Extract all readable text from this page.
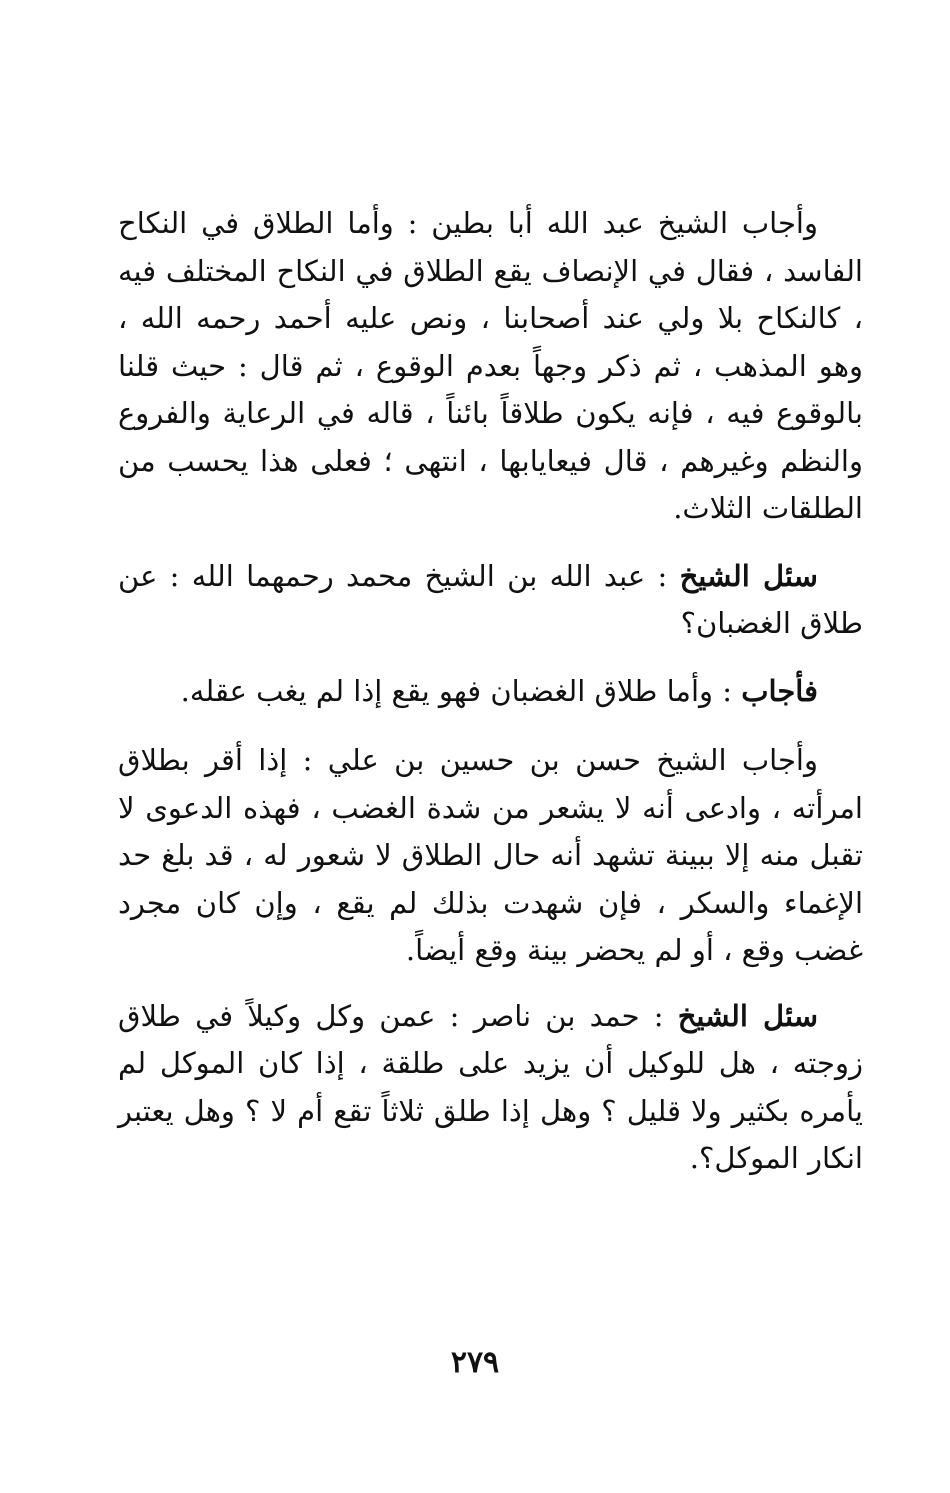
وأجاب الشيخ عبد الله أبا بطين : وأما الطلاق في النكاح الفاسد ، فقال في الإنصاف يقع الطلاق في النكاح المختلف فيه ، كالنكاح بلا ولي عند أصحابنا ، ونص عليه أحمد رحمه الله ، وهو المذهب ، ثم ذكر وجهاً بعدم الوقوع ، ثم قال : حيث قلنا بالوقوع فيه ، فإنه يكون طلاقاً بائناً ، قاله في الرعاية والفروع والنظم وغيرهم ، قال فيعايابها ، انتهى ؛ فعلى هذا يحسب من الطلقات الثلاث.

سئل الشيخ : عبد الله بن الشيخ محمد رحمهما الله : عن طلاق الغضبان؟

فأجاب : وأما طلاق الغضبان فهو يقع إذا لم يغب عقله.

وأجاب الشيخ حسن بن حسين بن علي : إذا أقر بطلاق امرأته ، وادعى أنه لا يشعر من شدة الغضب ، فهذه الدعوى لا تقبل منه إلا ببينة تشهد أنه حال الطلاق لا شعور له ، قد بلغ حد الإغماء والسكر ، فإن شهدت بذلك لم يقع ، وإن كان مجرد غضب وقع ، أو لم يحضر بينة وقع أيضاً.

سئل الشيخ : حمد بن ناصر : عمن وكل وكيلاً في طلاق زوجته ، هل للوكيل أن يزيد على طلقة ، إذا كان الموكل لم يأمره بكثير ولا قليل ؟ وهل إذا طلق ثلاثاً تقع أم لا ؟ وهل يعتبر انكار الموكل؟.

٢٧٩
